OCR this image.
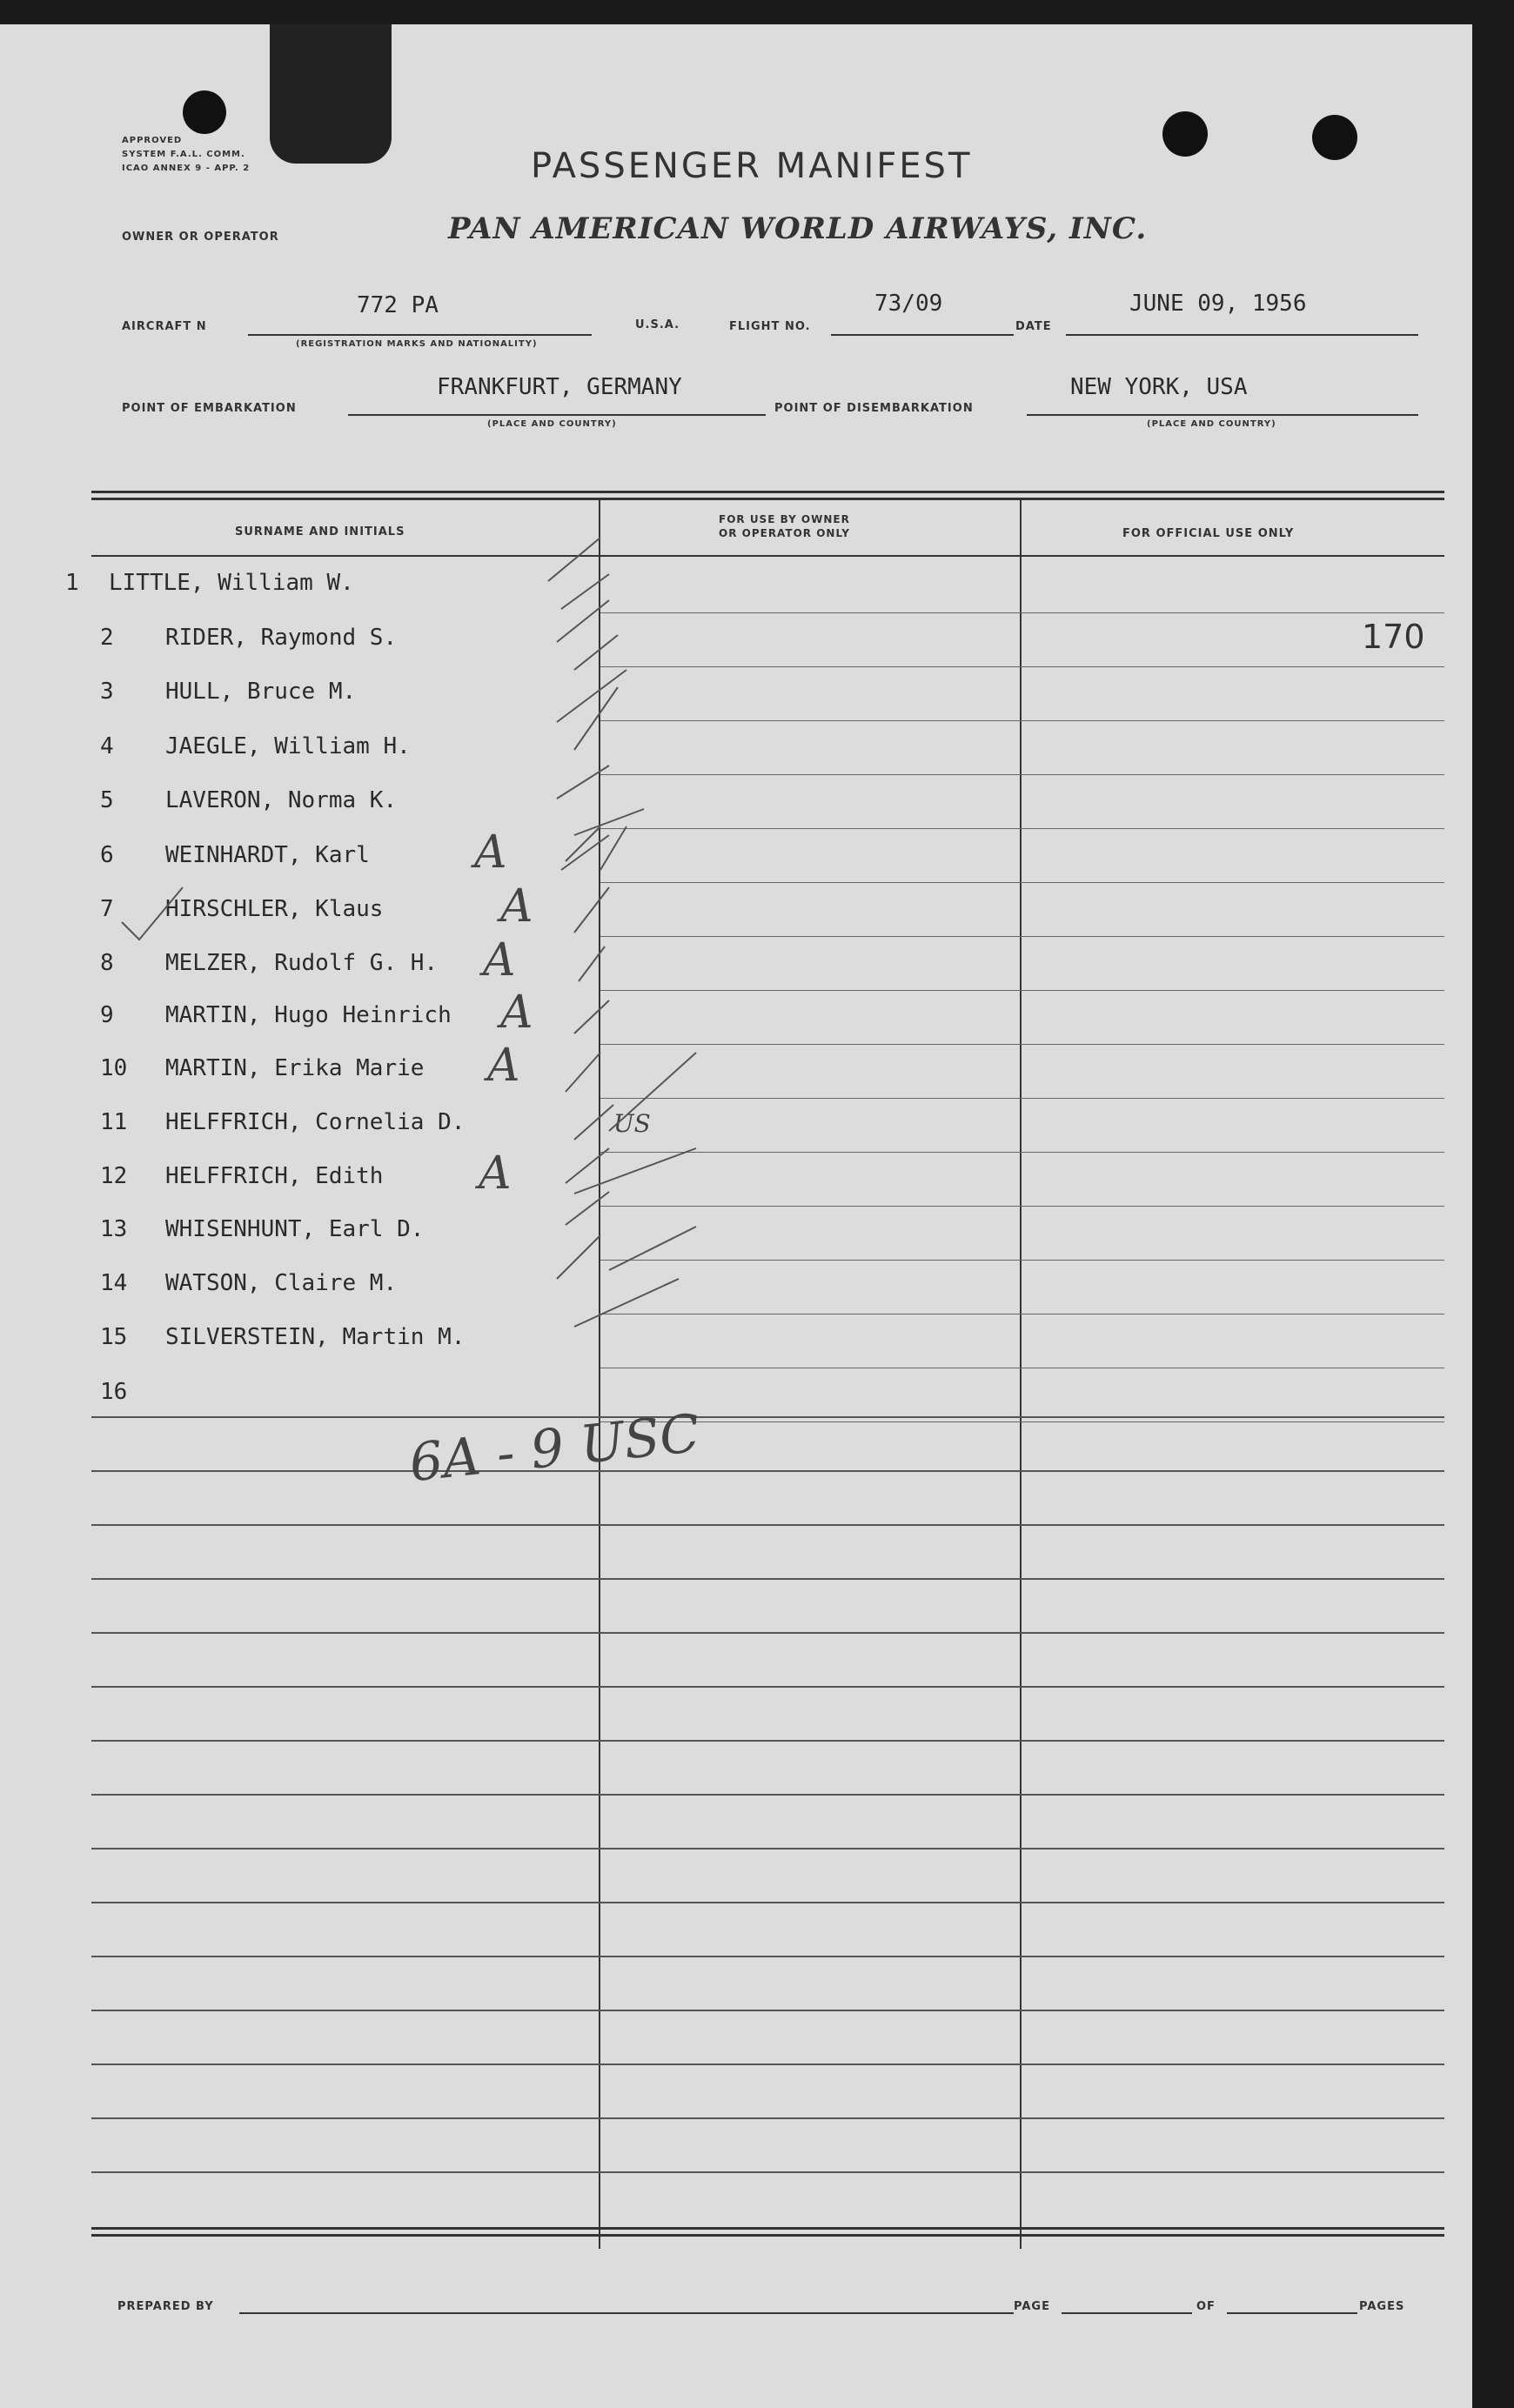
APPROVED
SYSTEM F.A.L. COMM.
ICAO ANNEX 9 - APP. 2	PASSENGER MANIFEST
OWNER OR OPERATOR	PAN AMERICAN WORLD AIRWAYS, INC.
AIRCRAFT N
772 PA
(REGISTRATION MARKS AND NATIONALITY)
U.S.A.	FLIGHT NO.
73/09
DATE
JUNE 09, 1956
POINT OF EMBARKATION
FRANKFURT, GERMANY
(PLACE AND COUNTRY)
POINT OF DISEMBARKATION
NEW YORK, USA
(PLACE AND COUNTRY)
SURNAME AND INITIALS
FOR USE BY OWNER
OR OPERATOR ONLY	FOR OFFICIAL USE ONLY
1 LITTLE, William W.
2 RIDER, Raymond S.	170
3 HULL, Bruce M.
4 JAEGLE, William H.
5 LAVERON, Norma K.
6 WEINHARDT, Karl A
7 HIRSCHLER, Klaus	A
8 MELZER, Rudolf G. H. A
9 MARTIN, Hugo Heinrich A
10 MARTIN, Erika Marie A
11 HELFFRICH, Cornelia D.	US
12 HELFFRICH, Edith A
13 WHISENHUNT, Earl D.
14 WATSON, Claire M.
15 SILVERSTEIN, Martin M.
16
6A - 9 USC
PREPARED BY	PAGE	OF	PAGES
